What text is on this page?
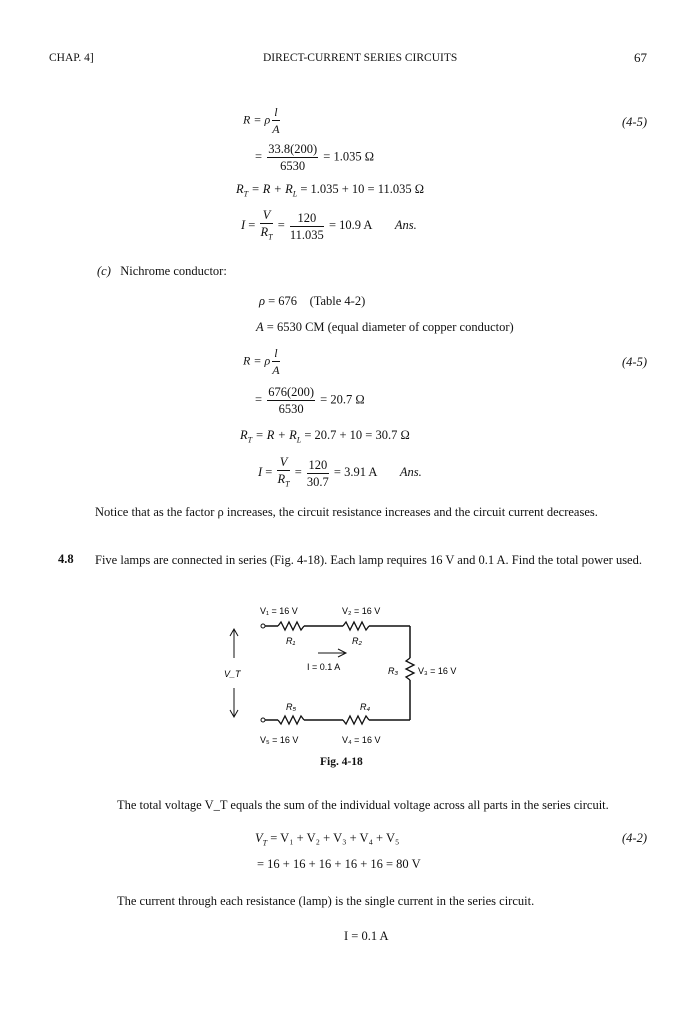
CHAP. 4]	DIRECT-CURRENT SERIES CIRCUITS	67
R = ρ $\frac{l}{A}$	(4-5)
= $\frac{33.8(200)}{6530} = 1.035$ Ω
$R_T = R + R_L = 1.035 + 10 = 11.035$ Ω
$I = \frac{V}{R_T} = \frac{120}{11.035} = 10.9$ A Ans.
(c) Nichrome conductor:
ρ = 676 (Table 4-2)
A = 6530 CM (equal diameter of copper conductor)
R = ρ $\frac{l}{A}$	(4-5)
= $\frac{676(200)}{6530} = 20.7$ Ω
$R_T = R + R_L = 20.7 + 10 = 30.7$ Ω
$I = \frac{V}{R_T} = \frac{120}{30.7} = 3.91$ A Ans.
Notice that as the factor ρ increases, the circuit resistance increases and the circuit current decreases.
4.8 Five lamps are connected in series (Fig. 4-18). Each lamp requires 16 V and 0.1 A. Find the total power used.
V₁ = 16 V	V₂ = 16 V
R₁	R₂
I = 0.1 A	R₃ V₃ = 16 V
V_T
R₅	R₄
V₅ = 16 V	V₄ = 16 V
Fig. 4-18
The total voltage V_T equals the sum of the individual voltage across all parts in the series circuit.
$V_T = V_1 + V_2 + V_3 + V_4 + V_5$	(4-2)
= 16 + 16 + 16 + 16 + 16 = 80 V
The current through each resistance (lamp) is the single current in the series circuit.
I = 0.1 A
